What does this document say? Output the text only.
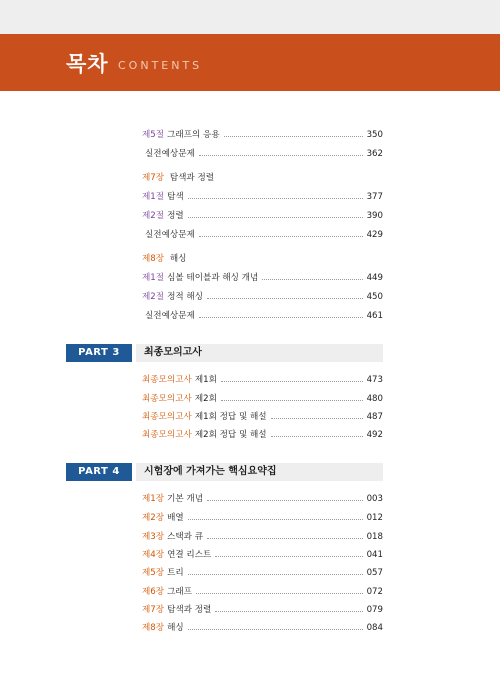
목차 CONTENTS
제5절 그래프의 응용	350
실전예상문제	362
제7장 탐색과 정렬
제1절 탐색	377
제2절 정렬	390
실전예상문제	429
제8장 해싱
제1절 심볼 테이블과 해싱 개념	449
제2절 정적 해싱	450
실전예상문제	461
PART 3	최종모의고사
최종모의고사 제1회	473
최종모의고사 제2회	480
최종모의고사 제1회 정답 및 해설	487
최종모의고사 제2회 정답 및 해설	492
PART 4	시험장에 가져가는 핵심요약집
제1장 기본 개념	003
제2장 배열	012
제3장 스택과 큐	018
제4장 연결 리스트	041
제5장 트리	057
제6장 그래프	072
제7장 탐색과 정렬	079
제8장 해싱	084
